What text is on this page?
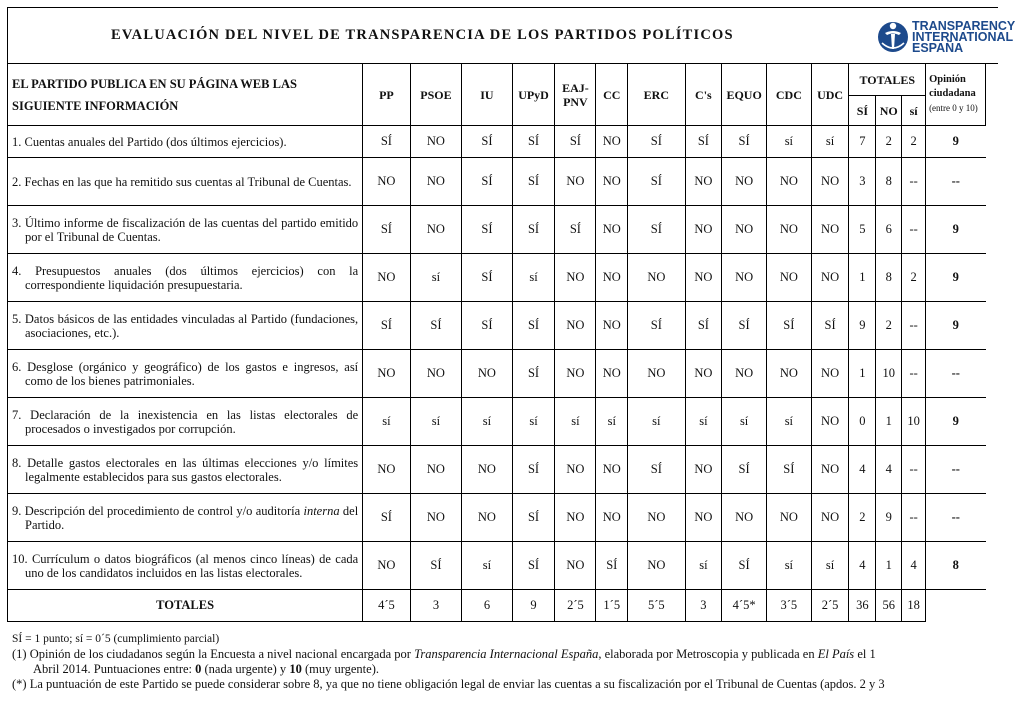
EVALUACIÓN DEL NIVEL DE TRANSPARENCIA DE LOS PARTIDOS POLÍTICOS
TRANSPARENCY
INTERNATIONAL
ESPAÑA
EL PARTIDO PUBLICA EN SU PÁGINA WEB LAS SIGUIENTE INFORMACIÓN	PP	PSOE	IU	UPyD	EAJ-PNV	CC	ERC	C's	EQUO	CDC	UDC	TOTALES			Opinión ciudadana
(entre 0 y 10)
												SÍ	NO	sí	

1. Cuentas anuales del Partido (dos últimos ejercicios).	SÍ	NO	SÍ	SÍ	SÍ	NO	SÍ	SÍ	SÍ	sí	sí	7	2	2	9

2. Fechas en las que ha remitido sus cuentas al Tribunal de Cuentas.	NO	NO	SÍ	SÍ	NO	NO	SÍ	NO	NO	NO	NO	3	8	--	--

3. Último informe de fiscalización de las cuentas del partido emitido por el Tribunal de Cuentas.	SÍ	NO	SÍ	SÍ	SÍ	NO	SÍ	NO	NO	NO	NO	5	6	--	9

4. Presupuestos anuales (dos últimos ejercicios) con la correspondiente liquidación presupuestaria.	NO	sí	SÍ	sí	NO	NO	NO	NO	NO	NO	NO	1	8	2	9

5. Datos básicos de las entidades vinculadas al Partido (fundaciones, asociaciones, etc.).	SÍ	SÍ	SÍ	SÍ	NO	NO	SÍ	SÍ	SÍ	SÍ	SÍ	9	2	--	9

6. Desglose (orgánico y geográfico) de los gastos e ingresos, así como de los bienes patrimoniales.	NO	NO	NO	SÍ	NO	NO	NO	NO	NO	NO	NO	1	10	--	--

7. Declaración de la inexistencia en las listas electorales de procesados o investigados por corrupción.	sí	sí	sí	sí	sí	sí	sí	sí	sí	sí	NO	0	1	10	9

8. Detalle gastos electorales en las últimas elecciones y/o límites legalmente establecidos para sus gastos electorales.	NO	NO	NO	SÍ	NO	NO	SÍ	NO	SÍ	SÍ	NO	4	4	--	--

9. Descripción del procedimiento de control y/o auditoría interna del Partido.	SÍ	NO	NO	SÍ	NO	NO	NO	NO	NO	NO	NO	2	9	--	--

10. Currículum o datos biográficos (al menos cinco líneas) de cada uno de los candidatos incluidos en las listas electorales.	NO	SÍ	sí	SÍ	NO	SÍ	NO	sí	SÍ	sí	sí	4	1	4	8
TOTALES	4´5	3	6	9	2´5	1´5	5´5	3	4´5*	3´5	2´5	36	56	18	
SÍ = 1 punto; sí = 0´5 (cumplimiento parcial)
(1) Opinión de los ciudadanos según la Encuesta a nivel nacional encargada por Transparencia Internacional España, elaborada por Metroscopia y publicada en El País el 1
Abril 2014. Puntuaciones entre: 0 (nada urgente) y 10 (muy urgente).
(*) La puntuación de este Partido se puede considerar sobre 8, ya que no tiene obligación legal de enviar las cuentas a su fiscalización por el Tribunal de Cuentas (apdos. 2 y 3
